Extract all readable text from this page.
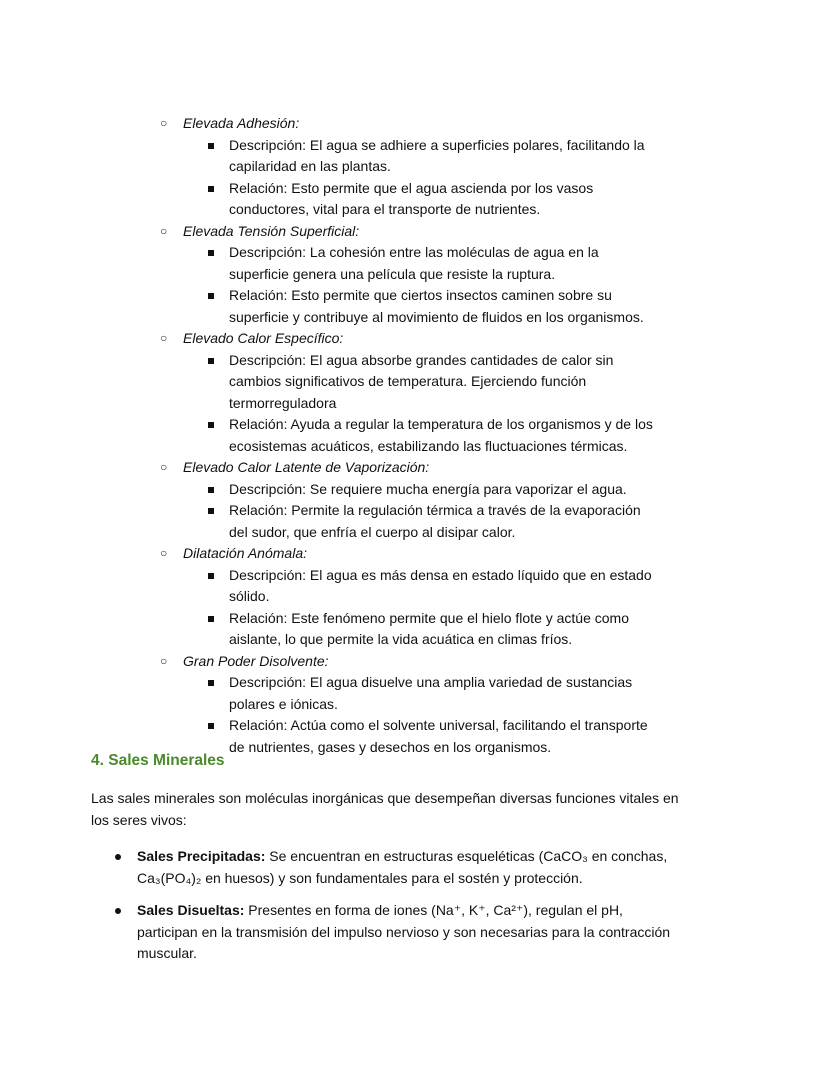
○ Elevada Adhesión:
Descripción: El agua se adhiere a superficies polares, facilitando la capilaridad en las plantas.
Relación: Esto permite que el agua ascienda por los vasos conductores, vital para el transporte de nutrientes.
○ Elevada Tensión Superficial:
Descripción: La cohesión entre las moléculas de agua en la superficie genera una película que resiste la ruptura.
Relación: Esto permite que ciertos insectos caminen sobre su superficie y contribuye al movimiento de fluidos en los organismos.
○ Elevado Calor Específico:
Descripción: El agua absorbe grandes cantidades de calor sin cambios significativos de temperatura. Ejerciendo función termorreguladora
Relación: Ayuda a regular la temperatura de los organismos y de los ecosistemas acuáticos, estabilizando las fluctuaciones térmicas.
○ Elevado Calor Latente de Vaporización:
Descripción: Se requiere mucha energía para vaporizar el agua.
Relación: Permite la regulación térmica a través de la evaporación del sudor, que enfría el cuerpo al disipar calor.
○ Dilatación Anómala:
Descripción: El agua es más densa en estado líquido que en estado sólido.
Relación: Este fenómeno permite que el hielo flote y actúe como aislante, lo que permite la vida acuática en climas fríos.
○ Gran Poder Disolvente:
Descripción: El agua disuelve una amplia variedad de sustancias polares e iónicas.
Relación: Actúa como el solvente universal, facilitando el transporte de nutrientes, gases y desechos en los organismos.
4. Sales Minerales

Las sales minerales son moléculas inorgánicas que desempeñan diversas funciones vitales en los seres vivos:

Sales Precipitadas: Se encuentran en estructuras esqueléticas (CaCO₃ en conchas, Ca₃(PO₄)₂ en huesos) y son fundamentales para el sostén y protección.
Sales Disueltas: Presentes en forma de iones (Na⁺, K⁺, Ca²⁺), regulan el pH, participan en la transmisión del impulso nervioso y son necesarias para la contracción muscular.
